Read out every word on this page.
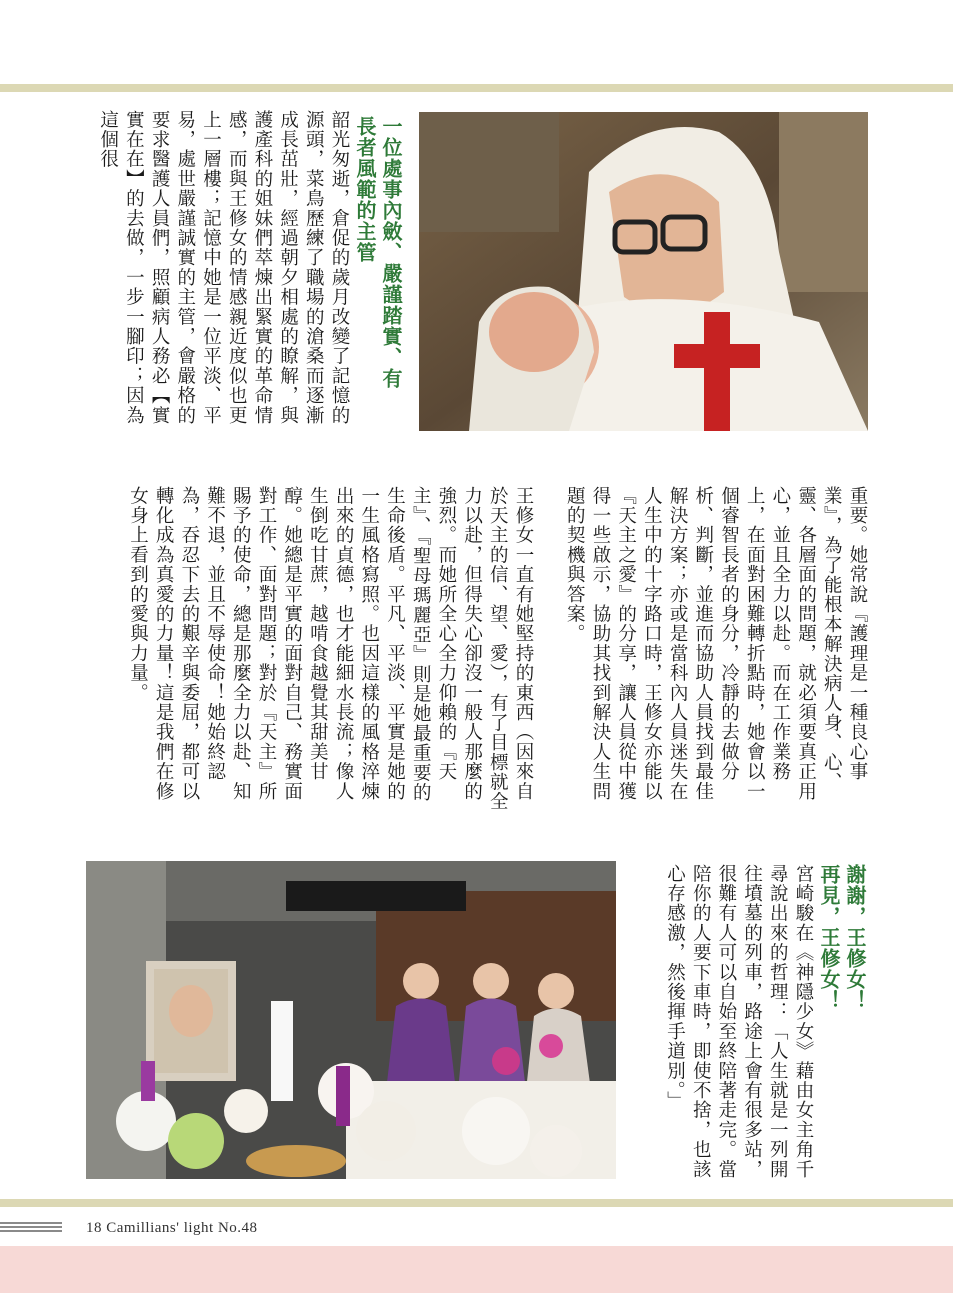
一位處事內斂、嚴謹踏實、有長者風範的主管

韶光匆逝，倉促的歲月改變了記憶的源頭，菜鳥歷練了職場的滄桑而逐漸成長茁壯，經過朝夕相處的瞭解，與護產科的姐妹們萃煉出緊實的革命情感，而與王修女的情感親近度似也更上一層樓；記憶中她是一位平淡、平易，處世嚴謹誠實的主管，會嚴格的要求醫護人員們，照顧病人務必【實實在在】的去做，一步一腳印；因為這個很

重要。她常說『護理是一種良心事業』，為了能根本解決病人身、心、靈、各層面的問題，就必須要真正用心，並且全力以赴。而在工作業務上，在面對困難轉折點時，她會以一個睿智長者的身分，冷靜的去做分析、判斷，並進而協助人員找到最佳解決方案；亦或是當科內人員迷失在人生中的十字路口時，王修女亦能以『天主之愛』的分享，讓人員從中獲得一些啟示，協助其找到解決人生問題的契機與答案。

王修女一直有她堅持的東西（因來自於天主的信、望、愛），有了目標就全力以赴，但得失心卻沒一般人那麼的強烈。而她所全心全力仰賴的『天主』、『聖母瑪麗亞』則是她最重要的生命後盾。平凡、平淡、平實是她的一生風格寫照。也因這樣的風格淬煉出來的貞德，也才能細水長流；像人生倒吃甘蔗，越啃食越覺其甜美甘醇。她總是平實的面對自己、務實面對工作、面對問題；對於『天主』所賜予的使命，總是那麼全力以赴、知難不退，並且不辱使命！她始終認為，吞忍下去的艱辛與委屈，都可以轉化成為真愛的力量！這是我們在修女身上看到的愛與力量。

謝謝，王修女！再見，王修女！

宮崎駿在《神隱少女》藉由女主角千尋說出來的哲理：「人生就是一列開往墳墓的列車，路途上會有很多站，很難有人可以自始至終陪著走完。當陪你的人要下車時，即使不捨，也該心存感激，然後揮手道別。」

18 Camillians' light No.48
